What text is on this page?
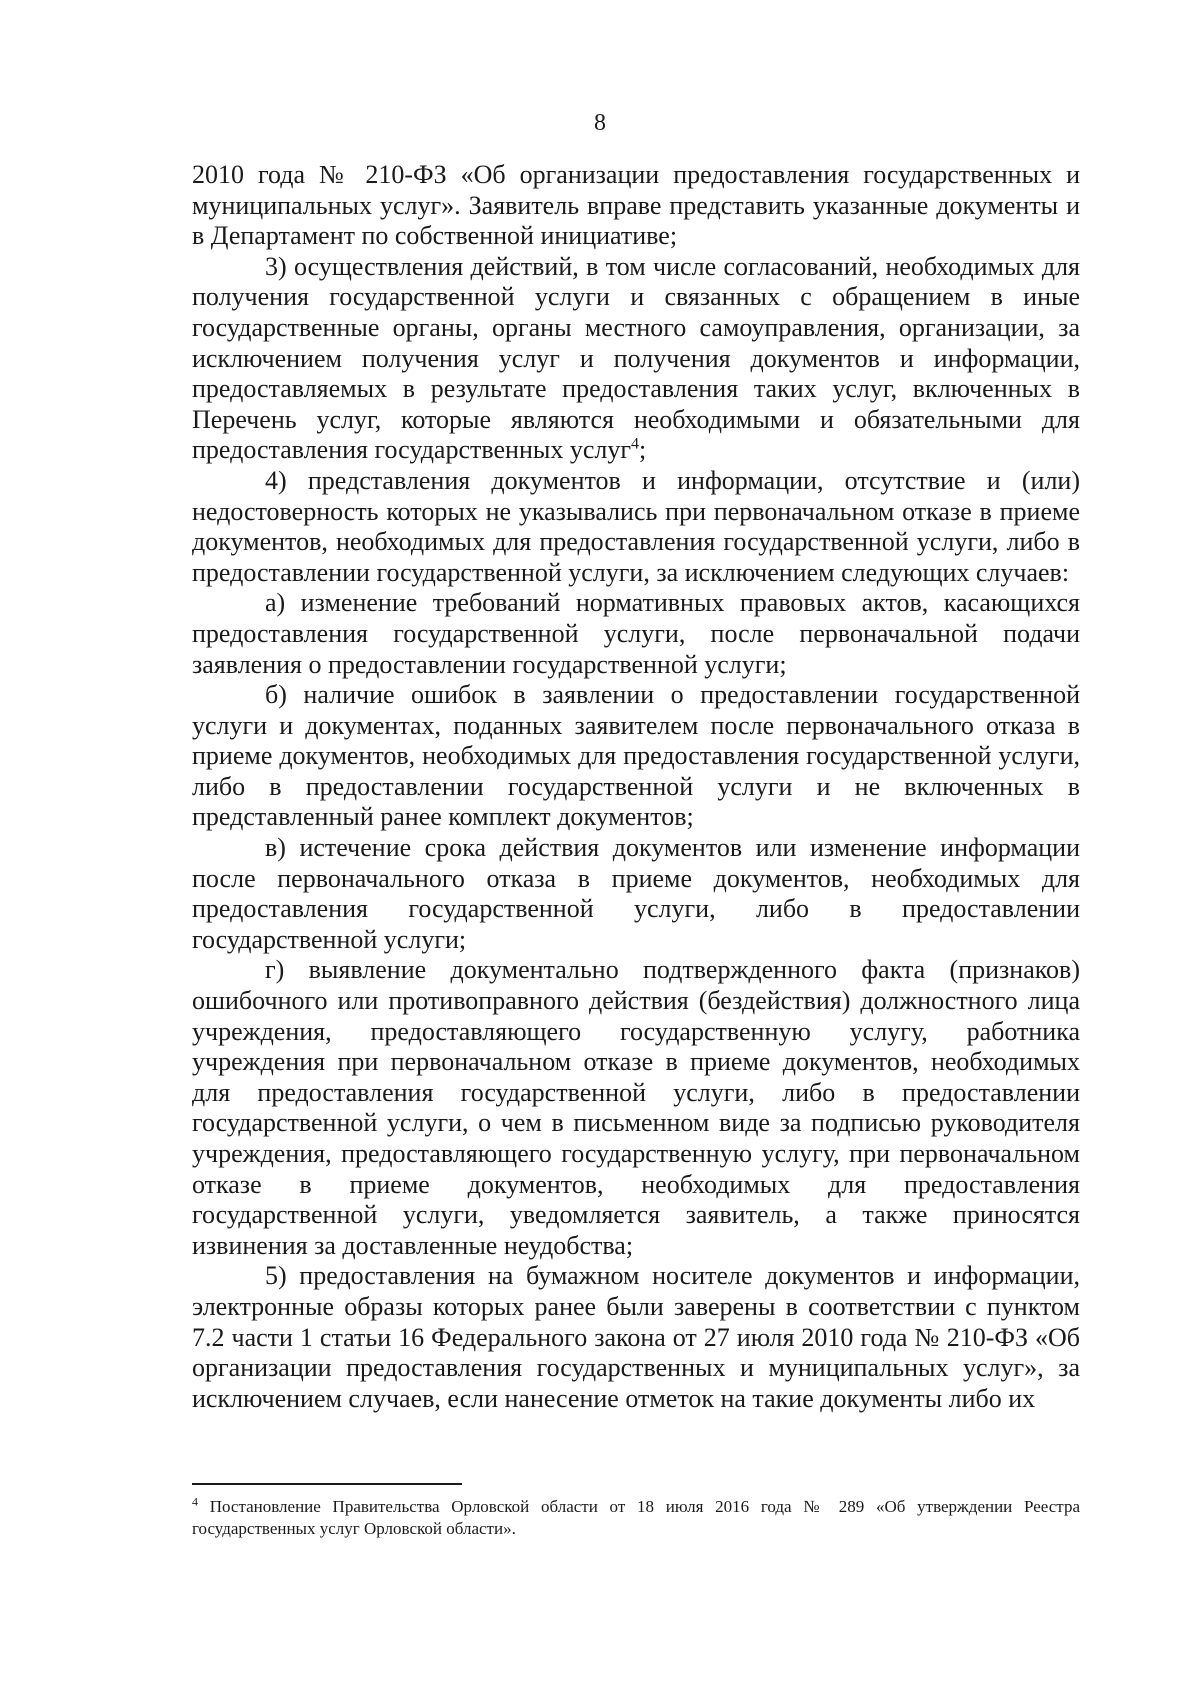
8

2010 года № 210-ФЗ «Об организации предоставления государственных и муниципальных услуг». Заявитель вправе представить указанные документы и в Департамент по собственной инициативе;

3) осуществления действий, в том числе согласований, необходимых для получения государственной услуги и связанных с обращением в иные государственные органы, органы местного самоуправления, организации, за исключением получения услуг и получения документов и информации, предоставляемых в результате предоставления таких услуг, включенных в Перечень услуг, которые являются необходимыми и обязательными для предоставления государственных услуг$^4$;

4) представления документов и информации, отсутствие и (или) недостоверность которых не указывались при первоначальном отказе в приеме документов, необходимых для предоставления государственной услуги, либо в предоставлении государственной услуги, за исключением следующих случаев:

а) изменение требований нормативных правовых актов, касающихся предоставления государственной услуги, после первоначальной подачи заявления о предоставлении государственной услуги;

б) наличие ошибок в заявлении о предоставлении государственной услуги и документах, поданных заявителем после первоначального отказа в приеме документов, необходимых для предоставления государственной услуги, либо в предоставлении государственной услуги и не включенных в представленный ранее комплект документов;

в) истечение срока действия документов или изменение информации после первоначального отказа в приеме документов, необходимых для предоставления государственной услуги, либо в предоставлении государственной услуги;

г) выявление документально подтвержденного факта (признаков) ошибочного или противоправного действия (бездействия) должностного лица учреждения, предоставляющего государственную услугу, работника учреждения при первоначальном отказе в приеме документов, необходимых для предоставления государственной услуги, либо в предоставлении государственной услуги, о чем в письменном виде за подписью руководителя учреждения, предоставляющего государственную услугу, при первоначальном отказе в приеме документов, необходимых для предоставления государственной услуги, уведомляется заявитель, а также приносятся извинения за доставленные неудобства;

5) предоставления на бумажном носителе документов и информации, электронные образы которых ранее были заверены в соответствии с пунктом 7.2 части 1 статьи 16 Федерального закона от 27 июля 2010 года № 210-ФЗ «Об организации предоставления государственных и муниципальных услуг», за исключением случаев, если нанесение отметок на такие документы либо их

$^4$ Постановление Правительства Орловской области от 18 июля 2016 года № 289 «Об утверждении Реестра государственных услуг Орловской области».
